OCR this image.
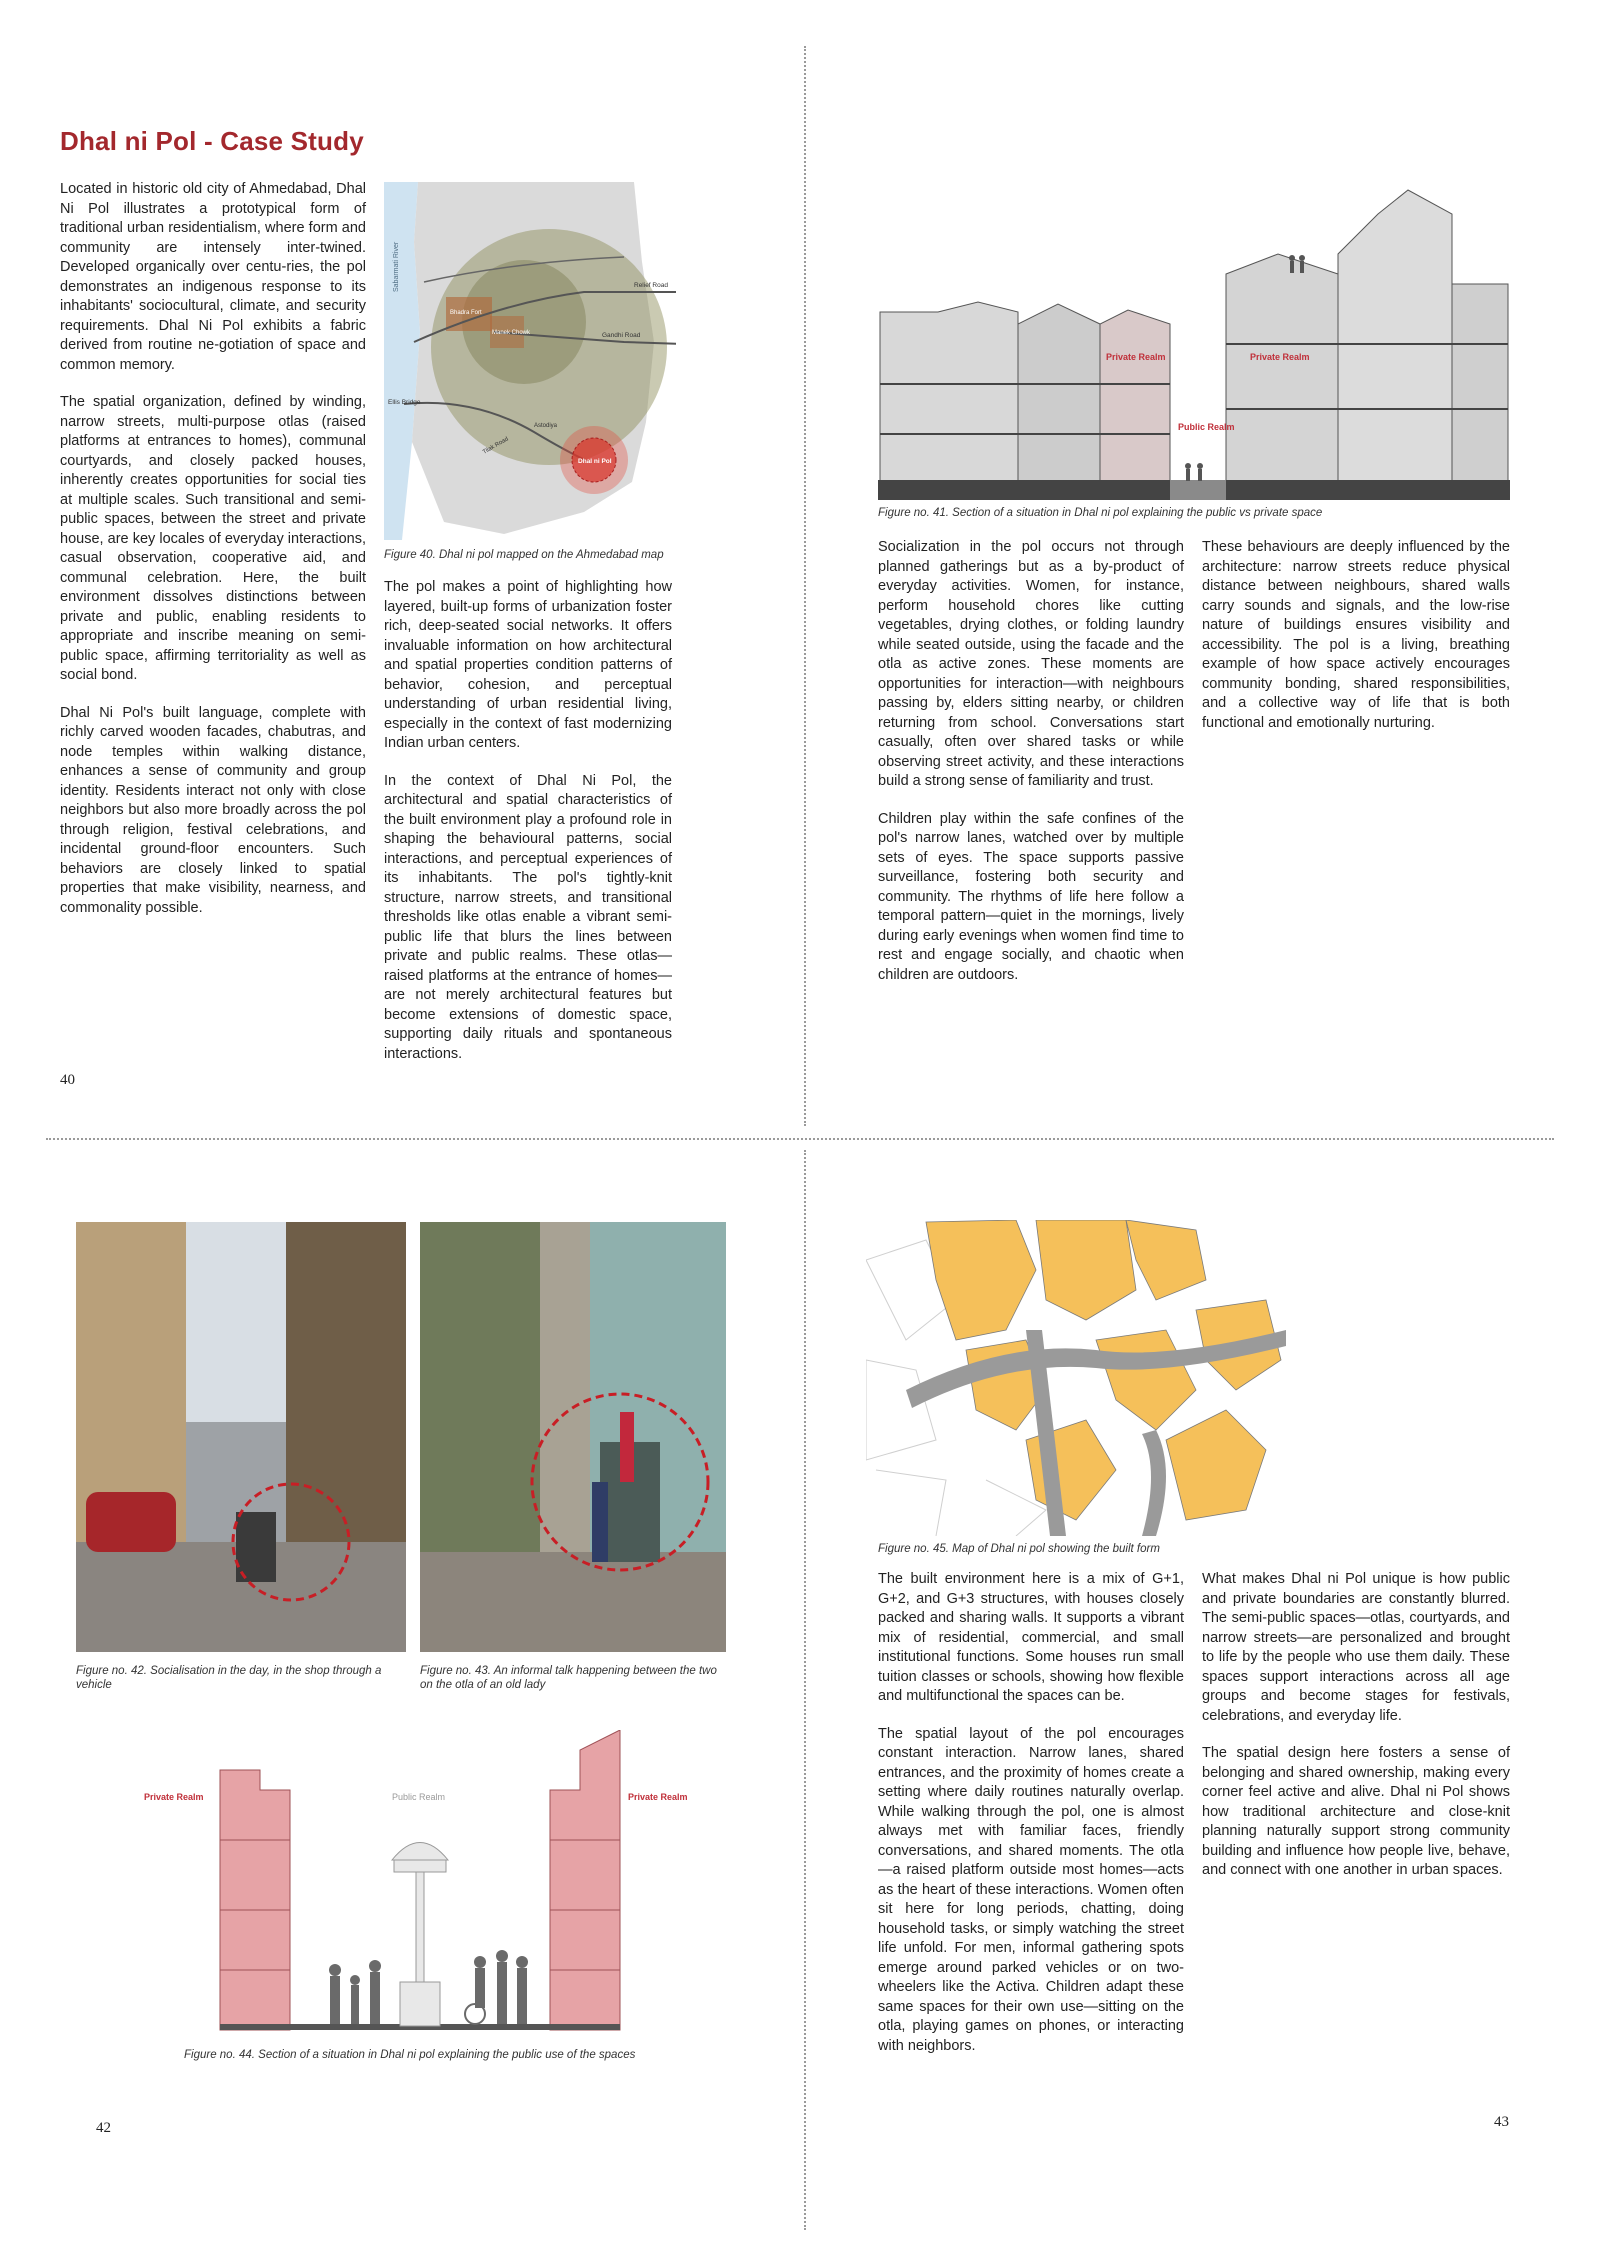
Dhal ni Pol - Case Study

Located in historic old city of Ahmedabad, Dhal Ni Pol illustrates a prototypical form of traditional urban residentialism, where form and community are intensely inter-twined. Developed organically over centu-ries, the pol demonstrates an indigenous response to its inhabitants' sociocultural, climate, and security requirements. Dhal Ni Pol exhibits a fabric derived from routine ne-gotiation of space and common memory.

The spatial organization, defined by winding, narrow streets, multi-purpose otlas (raised platforms at entrances to homes), communal courtyards, and closely packed houses, inherently creates opportunities for social ties at multiple scales. Such transitional and semi-public spaces, between the street and private house, are key locales of everyday interactions, casual observation, cooperative aid, and communal celebration. Here, the built environment dissolves distinctions between private and public, enabling residents to appropriate and inscribe meaning on semi-public space, affirming territoriality as well as social bond.

Dhal Ni Pol's built language, complete with richly carved wooden facades, chabutras, and node temples within walking distance, enhances a sense of community and group identity. Residents interact not only with close neighbors but also more broadly across the pol through religion, festival celebrations, and incidental ground-floor encounters. Such behaviors are closely linked to spatial properties that make visibility, nearness, and commonality possible.

Sabarmati River
Ellis Bridge
Relief Road
Gandhi Road
Bhadra Fort
Manek Chowk
Astodiya
Tilak Road
Dhal ni Pol
Figure 40. Dhal ni pol mapped on the Ahmedabad map

The pol makes a point of highlighting how layered, built-up forms of urbanization foster rich, deep-seated social networks. It offers invaluable information on how architectural and spatial properties condition patterns of behavior, cohesion, and perceptual understanding of urban residential living, especially in the context of fast modernizing Indian urban centers.

In the context of Dhal Ni Pol, the architectural and spatial characteristics of the built environment play a profound role in shaping the behavioural patterns, social interactions, and perceptual experiences of its inhabitants. The pol's tightly-knit structure, narrow streets, and transitional thresholds like otlas enable a vibrant semi-public life that blurs the lines between private and public realms. These otlas—raised platforms at the entrance of homes—are not merely architectural features but become extensions of domestic space, supporting daily rituals and spontaneous interactions.

40
Private Realm	Private Realm
Public Realm
Figure no. 41. Section of a situation in Dhal ni pol explaining the public vs private space

Socialization in the pol occurs not through planned gatherings but as a by-product of everyday activities. Women, for instance, perform household chores like cutting vegetables, drying clothes, or folding laundry while seated outside, using the facade and the otla as active zones. These moments are opportunities for interaction—with neighbours passing by, elders sitting nearby, or children returning from school. Conversations start casually, often over shared tasks or while observing street activity, and these interactions build a strong sense of familiarity and trust.

Children play within the safe confines of the pol's narrow lanes, watched over by multiple sets of eyes. The space supports passive surveillance, fostering both security and community. The rhythms of life here follow a temporal pattern—quiet in the mornings, lively during early evenings when women find time to rest and engage socially, and chaotic when children are outdoors.

These behaviours are deeply influenced by the architecture: narrow streets reduce physical distance between neighbours, shared walls carry sounds and signals, and the low-rise nature of buildings ensures visibility and accessibility. The pol is a living, breathing example of how space actively encourages community bonding, shared responsibilities, and a collective way of life that is both functional and emotionally nurturing.

Figure no. 42. Socialisation in the day, in the shop through a vehicle
Figure no. 43. An informal talk happening between the two on the otla of an old lady
Private Realm	Public Realm	Private Realm
Figure no. 44. Section of a situation in Dhal ni pol explaining the public use of the spaces
42
Figure no. 45. Map of Dhal ni pol showing the built form

The built environment here is a mix of G+1, G+2, and G+3 structures, with houses closely packed and sharing walls. It supports a vibrant mix of residential, commercial, and small institutional functions. Some houses run small tuition classes or schools, showing how flexible and multifunctional the spaces can be.

The spatial layout of the pol encourages constant interaction. Narrow lanes, shared entrances, and the proximity of homes create a setting where daily routines naturally overlap. While walking through the pol, one is almost always met with familiar faces, friendly conversations, and shared moments. The otla—a raised platform outside most homes—acts as the heart of these interactions. Women often sit here for long periods, chatting, doing household tasks, or simply watching the street life unfold. For men, informal gathering spots emerge around parked vehicles or on two-wheelers like the Activa. Children adapt these same spaces for their own use—sitting on the otla, playing games on phones, or interacting with neighbors.

What makes Dhal ni Pol unique is how public and private boundaries are constantly blurred. The semi-public spaces—otlas, courtyards, and narrow streets—are personalized and brought to life by the people who use them daily. These spaces support interactions across all age groups and become stages for festivals, celebrations, and everyday life.

The spatial design here fosters a sense of belonging and shared ownership, making every corner feel active and alive. Dhal ni Pol shows how traditional architecture and close-knit planning naturally support strong community building and influence how people live, behave, and connect with one another in urban spaces.

43
